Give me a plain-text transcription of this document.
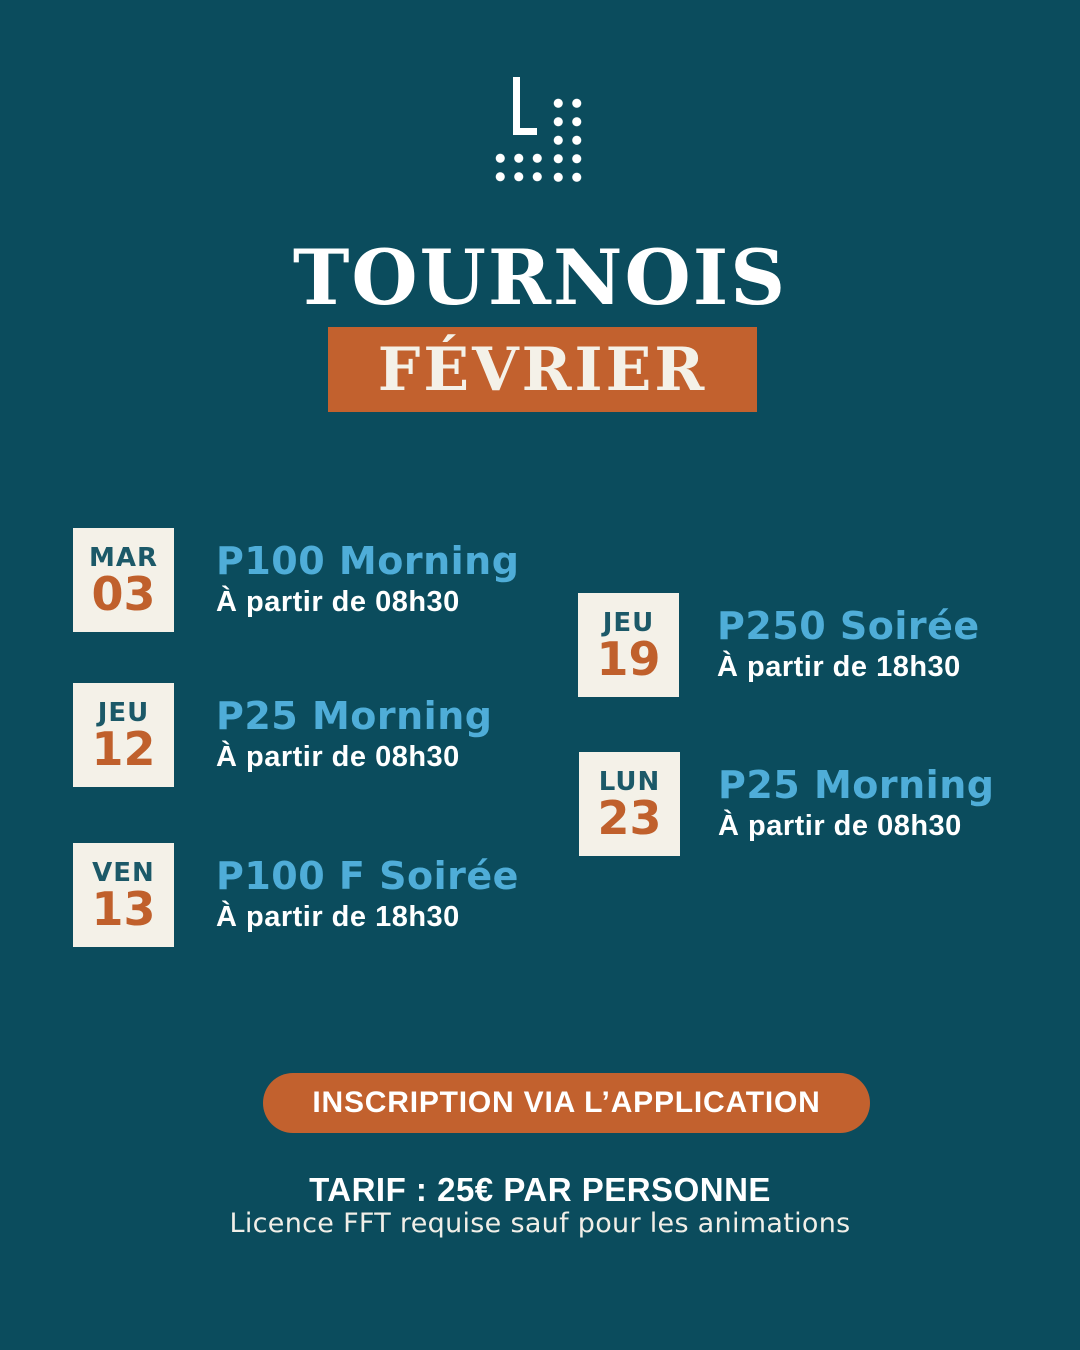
TOURNOIS
FÉVRIER
MAR
03
P100 Morning
À partir de 08h30
JEU
12
P25 Morning
À partir de 08h30
VEN
13
P100 F Soirée
À partir de 18h30
JEU
19
P250 Soirée
À partir de 18h30
LUN
23
P25 Morning
À partir de 08h30
INSCRIPTION VIA L’APPLICATION
TARIF : 25€ PAR PERSONNE
Licence FFT requise sauf pour les animations
